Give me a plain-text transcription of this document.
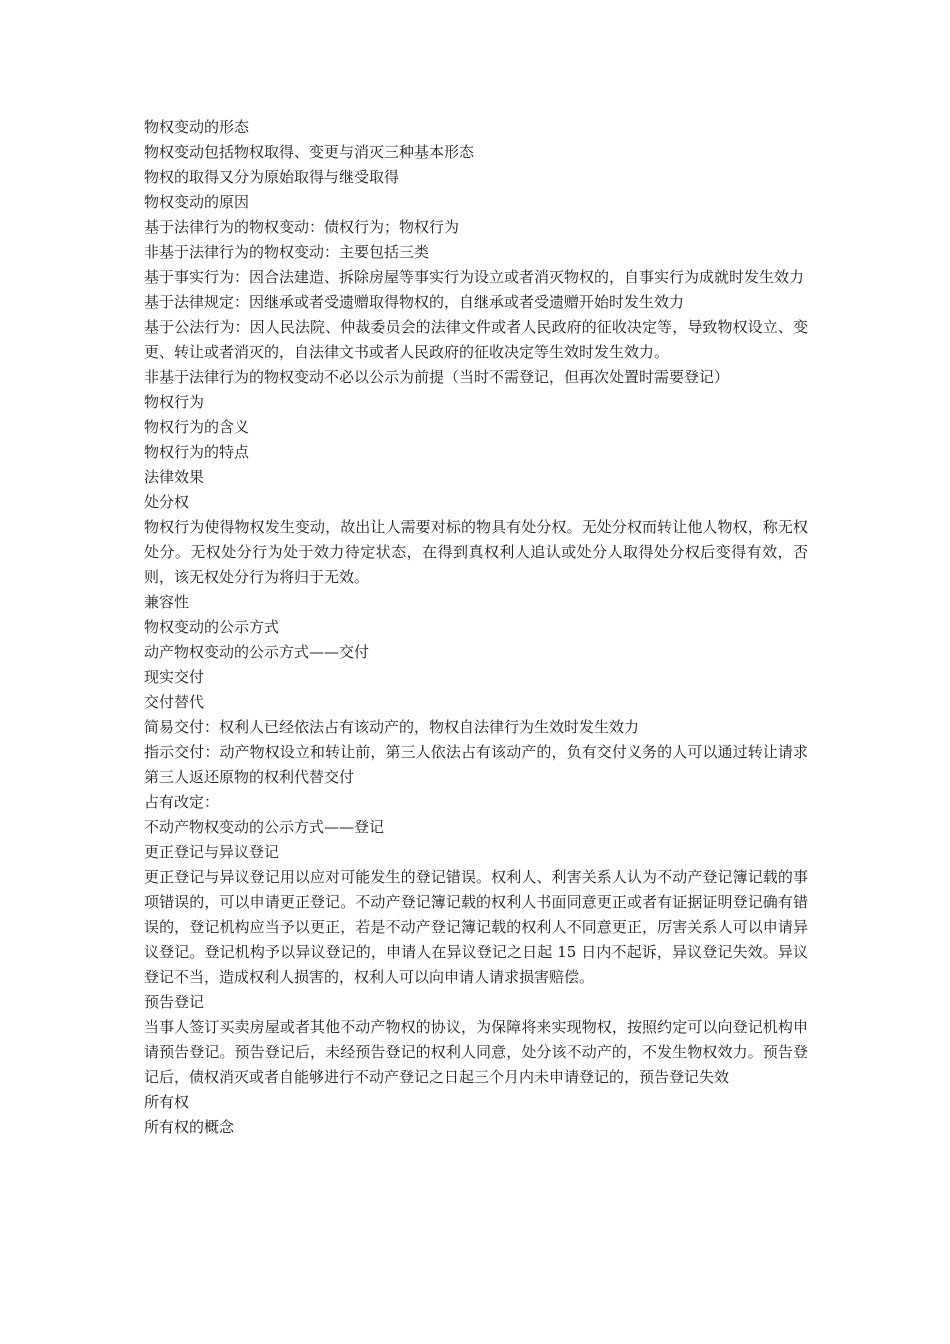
物权变动的形态

物权变动包括物权取得、变更与消灭三种基本形态

物权的取得又分为原始取得与继受取得

物权变动的原因

基于法律行为的物权变动：债权行为；物权行为

非基于法律行为的物权变动：主要包括三类

基于事实行为：因合法建造、拆除房屋等事实行为设立或者消灭物权的，自事实行为成就时发生效力

基于法律规定：因继承或者受遗赠取得物权的，自继承或者受遗赠开始时发生效力

基于公法行为：因人民法院、仲裁委员会的法律文件或者人民政府的征收决定等，导致物权设立、变更、转让或者消灭的，自法律文书或者人民政府的征收决定等生效时发生效力。

非基于法律行为的物权变动不必以公示为前提（当时不需登记，但再次处置时需要登记）

物权行为

物权行为的含义

物权行为的特点

法律效果

处分权

物权行为使得物权发生变动，故出让人需要对标的物具有处分权。无处分权而转让他人物权，称无权处分。无权处分行为处于效力待定状态，在得到真权利人追认或处分人取得处分权后变得有效，否则，该无权处分行为将归于无效。

兼容性

物权变动的公示方式

动产物权变动的公示方式——交付

现实交付

交付替代

简易交付：权利人已经依法占有该动产的，物权自法律行为生效时发生效力

指示交付：动产物权设立和转让前，第三人依法占有该动产的，负有交付义务的人可以通过转让请求第三人返还原物的权利代替交付

占有改定：

不动产物权变动的公示方式——登记

更正登记与异议登记

更正登记与异议登记用以应对可能发生的登记错误。权利人、利害关系人认为不动产登记簿记载的事项错误的，可以申请更正登记。不动产登记簿记载的权利人书面同意更正或者有证据证明登记确有错误的，登记机构应当予以更正，若是不动产登记簿记载的权利人不同意更正，厉害关系人可以申请异议登记。登记机构予以异议登记的，申请人在异议登记之日起 15 日内不起诉，异议登记失效。异议登记不当，造成权利人损害的，权利人可以向申请人请求损害赔偿。

预告登记

当事人签订买卖房屋或者其他不动产物权的协议，为保障将来实现物权，按照约定可以向登记机构申请预告登记。预告登记后，未经预告登记的权利人同意，处分该不动产的，不发生物权效力。预告登记后，债权消灭或者自能够进行不动产登记之日起三个月内未申请登记的，预告登记失效

所有权

所有权的概念
